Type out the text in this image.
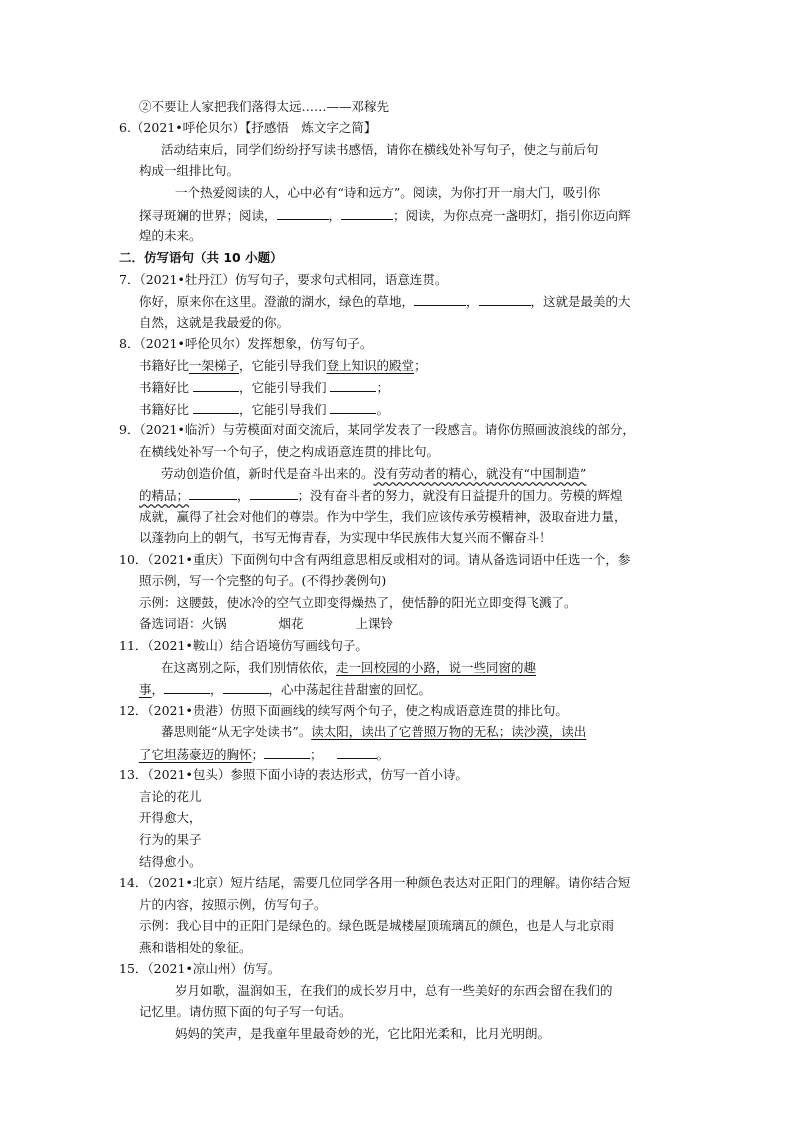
②不要让人家把我们落得太远……——邓稼先
6.（2021•呼伦贝尔）【抒感悟　炼文字之简】
活动结束后，同学们纷纷抒写读书感悟，请你在横线处补写句子，使之与前后句
构成一组排比句。
一个热爱阅读的人，心中必有“诗和远方”。阅读，为你打开一扇大门，吸引你
探寻斑斓的世界；阅读，	，	；阅读，为你点亮一盏明灯，指引你迈向辉
煌的未来。
二．仿写语句（共 10 小题）
7．（2021•牡丹江）仿写句子，要求句式相同，语意连贯。
你好，原来你在这里。澄澈的湖水，绿色的草地，	，	，这就是最美的大
自然，这就是我最爱的你。
8．（2021•呼伦贝尔）发挥想象，仿写句子。
书籍好比一架梯子，它能引导我们登上知识的殿堂；
书籍好比	，它能引导我们	；
书籍好比	，它能引导我们	。
9．（2021•临沂）与劳模面对面交流后，某同学发表了一段感言。请你仿照画波浪线的部分，
在横线处补写一个句子，使之构成语意连贯的排比句。
劳动创造价值，新时代是奋斗出来的。没有劳动者的精心，就没有“中国制造”
的精品；	，	；没有奋斗者的努力，就没有日益提升的国力。劳模的辉煌
成就，赢得了社会对他们的尊崇。作为中学生，我们应该传承劳模精神，汲取奋进力量，
以蓬勃向上的朝气，书写无悔青春，为实现中华民族伟大复兴而不懈奋斗！
10．（2021•重庆）下面例句中含有两组意思相反或相对的词。请从备选词语中任选一个，参
照示例，写一个完整的句子。(不得抄袭例句)
示例：这腰鼓，使冰冷的空气立即变得燥热了，使恬静的阳光立即变得飞溅了。
备选词语：火锅	烟花	上课铃
11．（2021•鞍山）结合语境仿写画线句子。
在这离别之际，我们别情依依，走一回校园的小路，说一些同窗的趣
事，	，	，心中荡起往昔甜蜜的回忆。
12．（2021•贵港）仿照下面画线的续写两个句子，使之构成语意连贯的排比句。
蕃思则能“从无字处读书”。读太阳，读出了它普照万物的无私；读沙漠，读出
了它坦荡豪迈的胸怀；	；	。
13．（2021•包头）参照下面小诗的表达形式，仿写一首小诗。
言论的花儿
开得愈大，
行为的果子
结得愈小。
14．（2021•北京）短片结尾，需要几位同学各用一种颜色表达对正阳门的理解。请你结合短
片的内容，按照示例，仿写句子。
示例：我心目中的正阳门是绿色的。绿色既是城楼屋顶琉璃瓦的颜色，也是人与北京雨
燕和谐相处的象征。
15．（2021•凉山州）仿写。
岁月如歌，温润如玉，在我们的成长岁月中，总有一些美好的东西会留在我们的
记忆里。请仿照下面的句子写一句话。
妈妈的笑声，是我童年里最奇妙的光，它比阳光柔和，比月光明朗。
